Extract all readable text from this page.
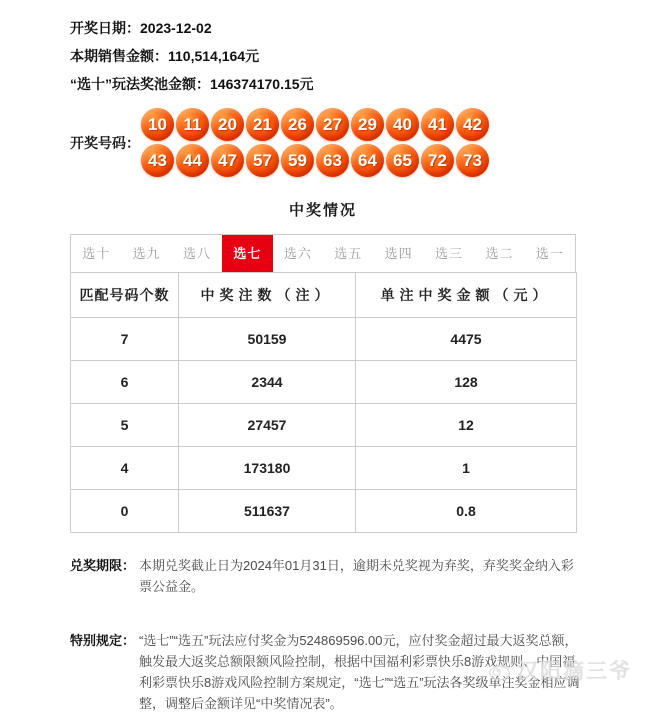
开奖日期：2023-12-02
本期销售金额：110,514,164元
“选十”玩法奖池金额：146374170.15元
开奖号码：
10 11 20 21 26 27 29 40 41 42
43 44 47 57 59 63 64 65 72 73
中奖情况
选十	选九	选八	选七	选六	选五	选四	选三	选二	选一
匹配号码个数	中奖注数（注）	单注中奖金额（元）
7	50159	4475
6	2344	128
5	27457	12
4	173180	1
0	511637	0.8
兑奖期限： 本期兑奖截止日为2024年01月31日，逾期未兑奖视为弃奖，弃奖奖金纳入彩票公益金。
特别规定： “选七”“选五”玩法应付奖金为524869596.00元，应付奖金超过最大返奖总额，触发最大返奖总额限额风险控制，根据中国福利彩票快乐8游戏规则、中国福利彩票快乐8游戏风险控制方案规定，“选七”“选五”玩法各奖级单注奖金相应调整，调整后金额详见“中奖情况表”。
汉阳滴三爷
